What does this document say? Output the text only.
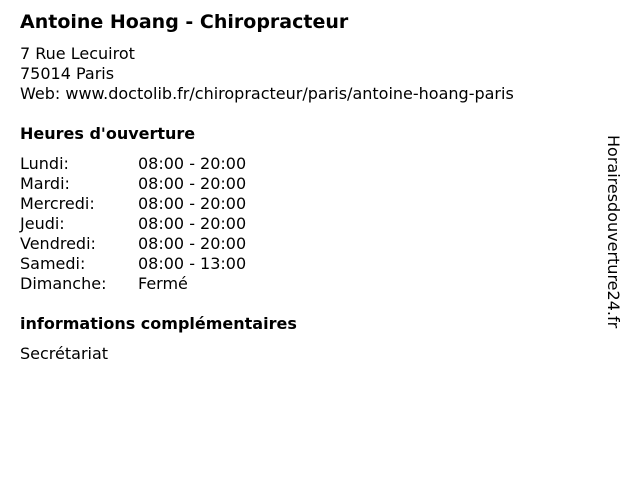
Antoine Hoang - Chiropracteur
7 Rue Lecuirot
75014 Paris
Web: www.doctolib.fr/chiropracteur/paris/antoine-hoang-paris
Heures d'ouverture
Lundi:	08:00 - 20:00
Mardi:	08:00 - 20:00
Mercredi:	08:00 - 20:00
Jeudi:	08:00 - 20:00
Vendredi:	08:00 - 20:00
Samedi:	08:00 - 13:00
Dimanche: Fermé
informations complémentaires
Secrétariat
Horairesdouverture24.fr
